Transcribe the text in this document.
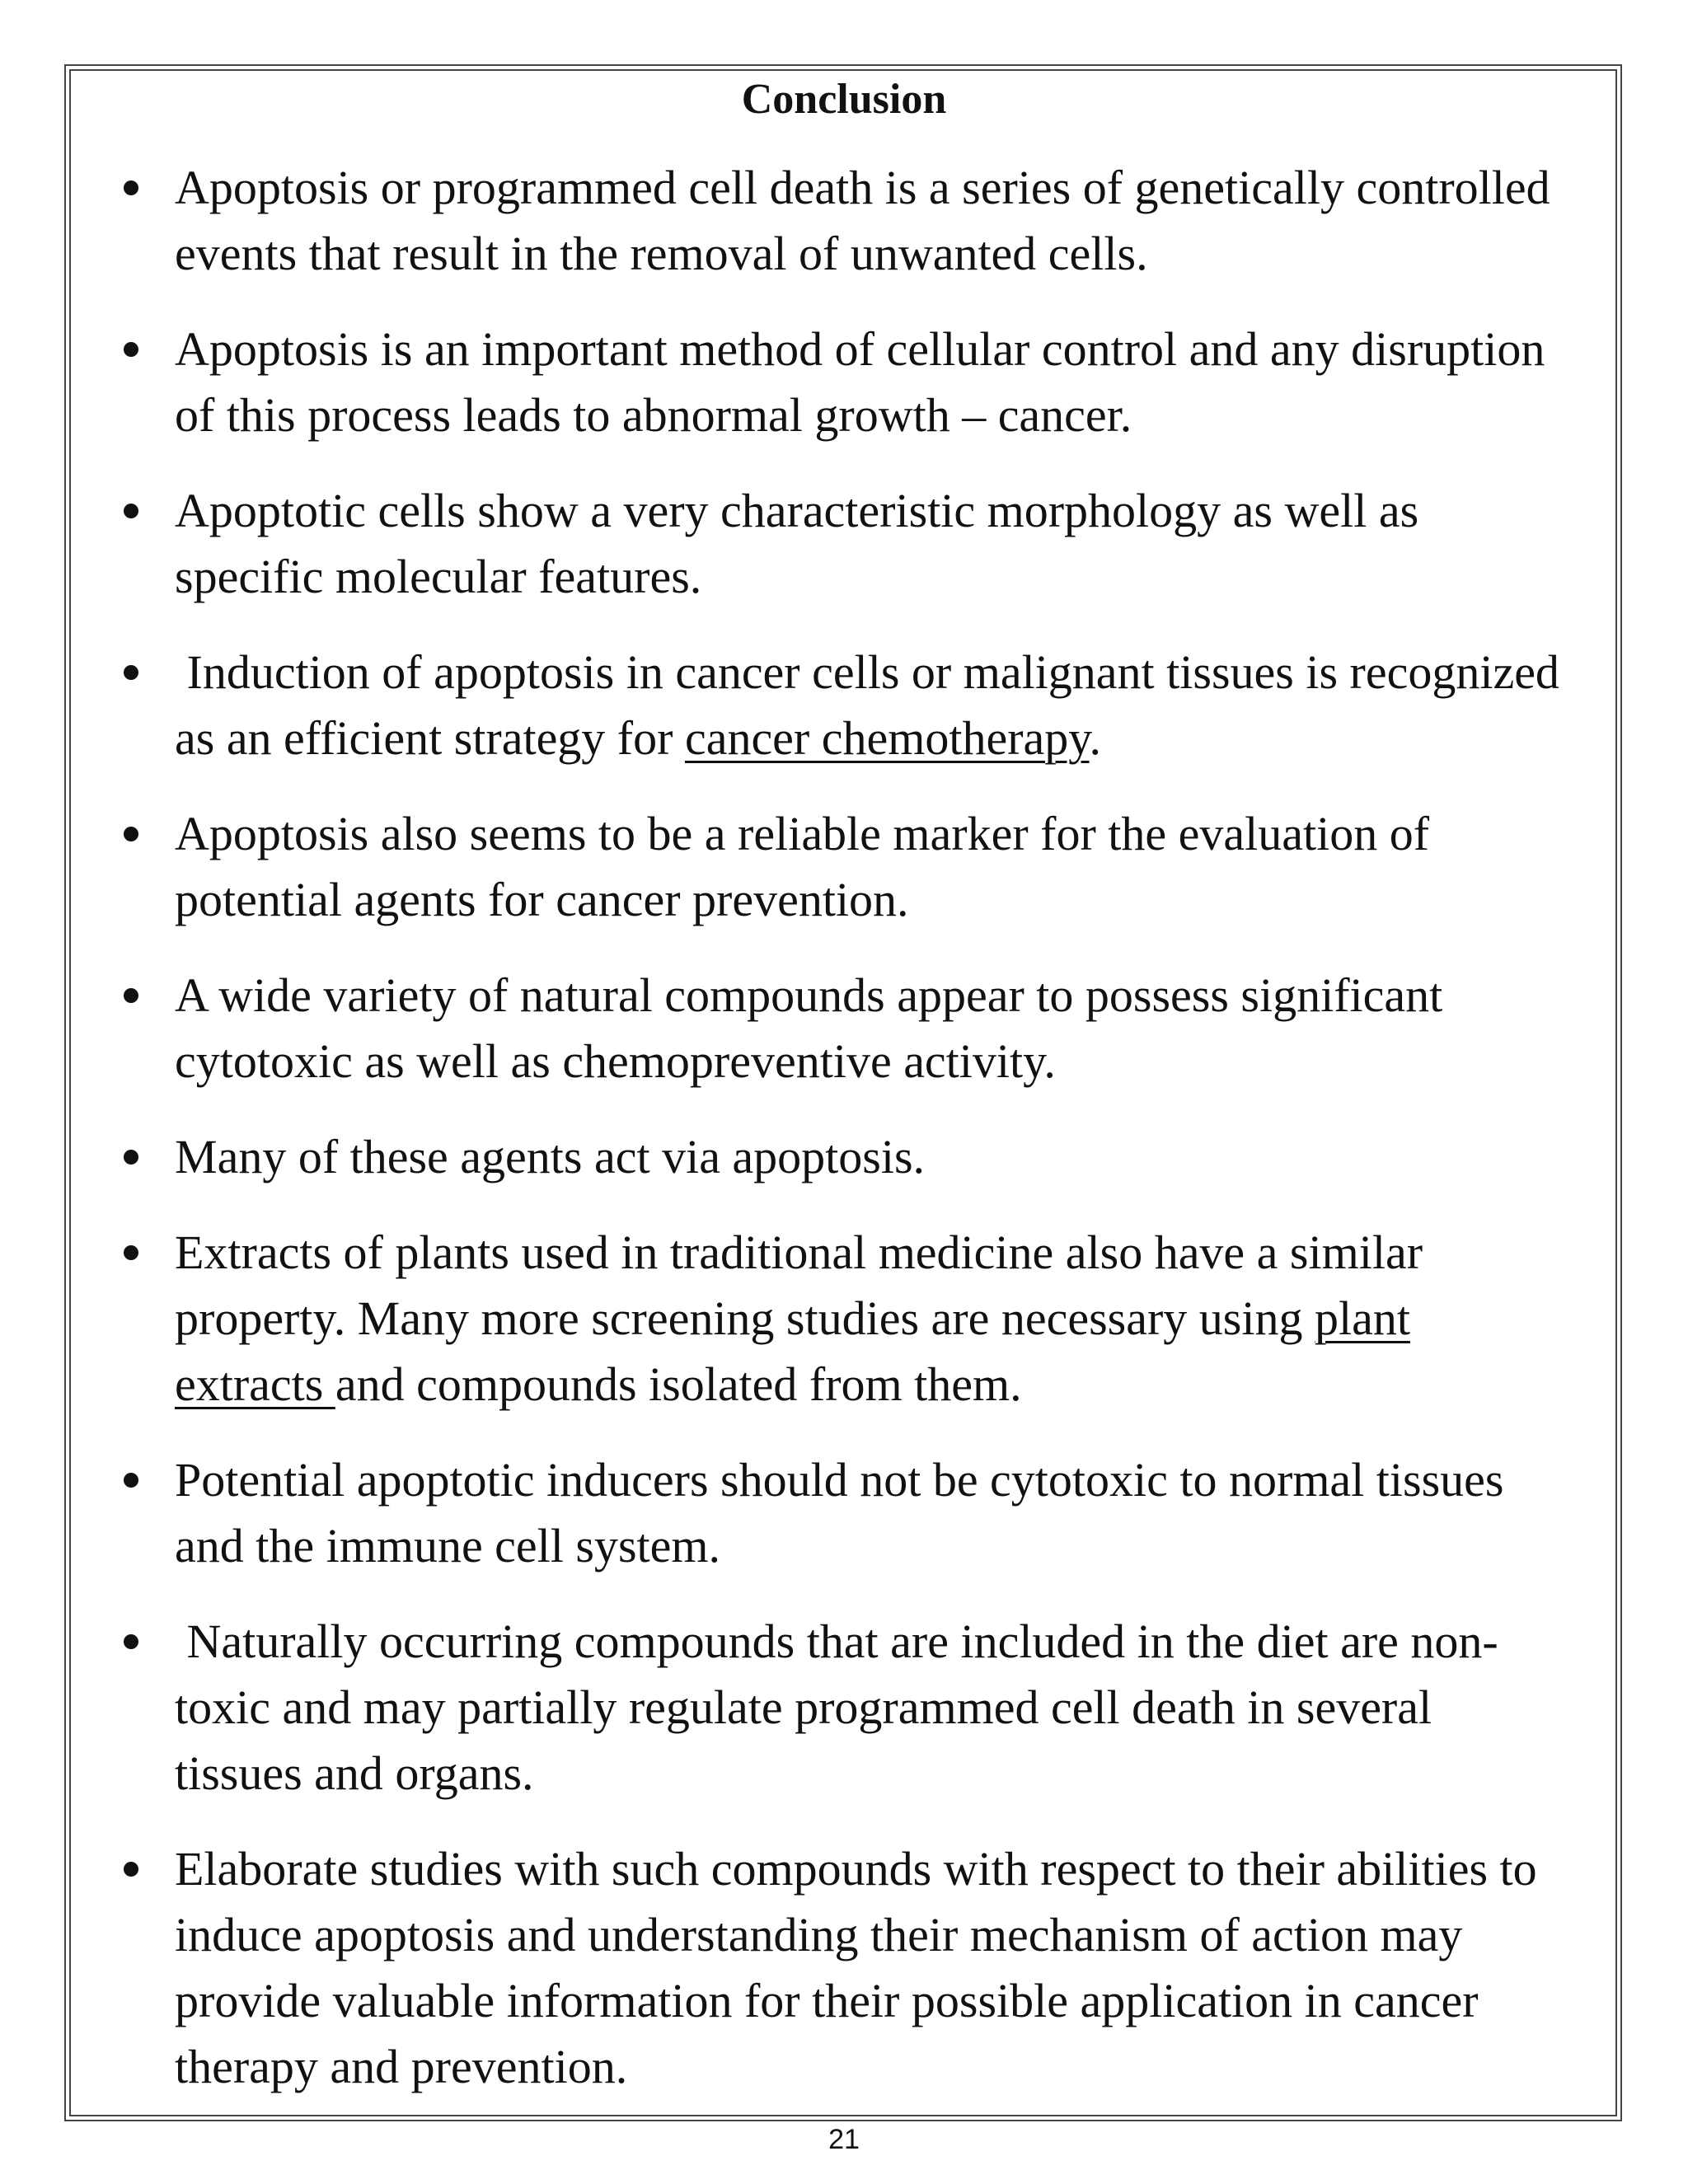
Conclusion
Apoptosis or programmed cell death is a series of genetically controlled
events that result in the removal of unwanted cells.
Apoptosis is an important method of cellular control and any disruption
of this process leads to abnormal growth – cancer.
Apoptotic cells show a very characteristic morphology as well as
specific molecular features.
Induction of apoptosis in cancer cells or malignant tissues is recognized
as an efficient strategy for cancer chemotherapy.
Apoptosis also seems to be a reliable marker for the evaluation of
potential agents for cancer prevention.
A wide variety of natural compounds appear to possess significant
cytotoxic as well as chemopreventive activity.
Many of these agents act via apoptosis.
Extracts of plants used in traditional medicine also have a similar
property. Many more screening studies are necessary using plant
extracts and compounds isolated from them.
Potential apoptotic inducers should not be cytotoxic to normal tissues
and the immune cell system.
Naturally occurring compounds that are included in the diet are non-
toxic and may partially regulate programmed cell death in several
tissues and organs.
Elaborate studies with such compounds with respect to their abilities to
induce apoptosis and understanding their mechanism of action may
provide valuable information for their possible application in cancer
therapy and prevention.
21
